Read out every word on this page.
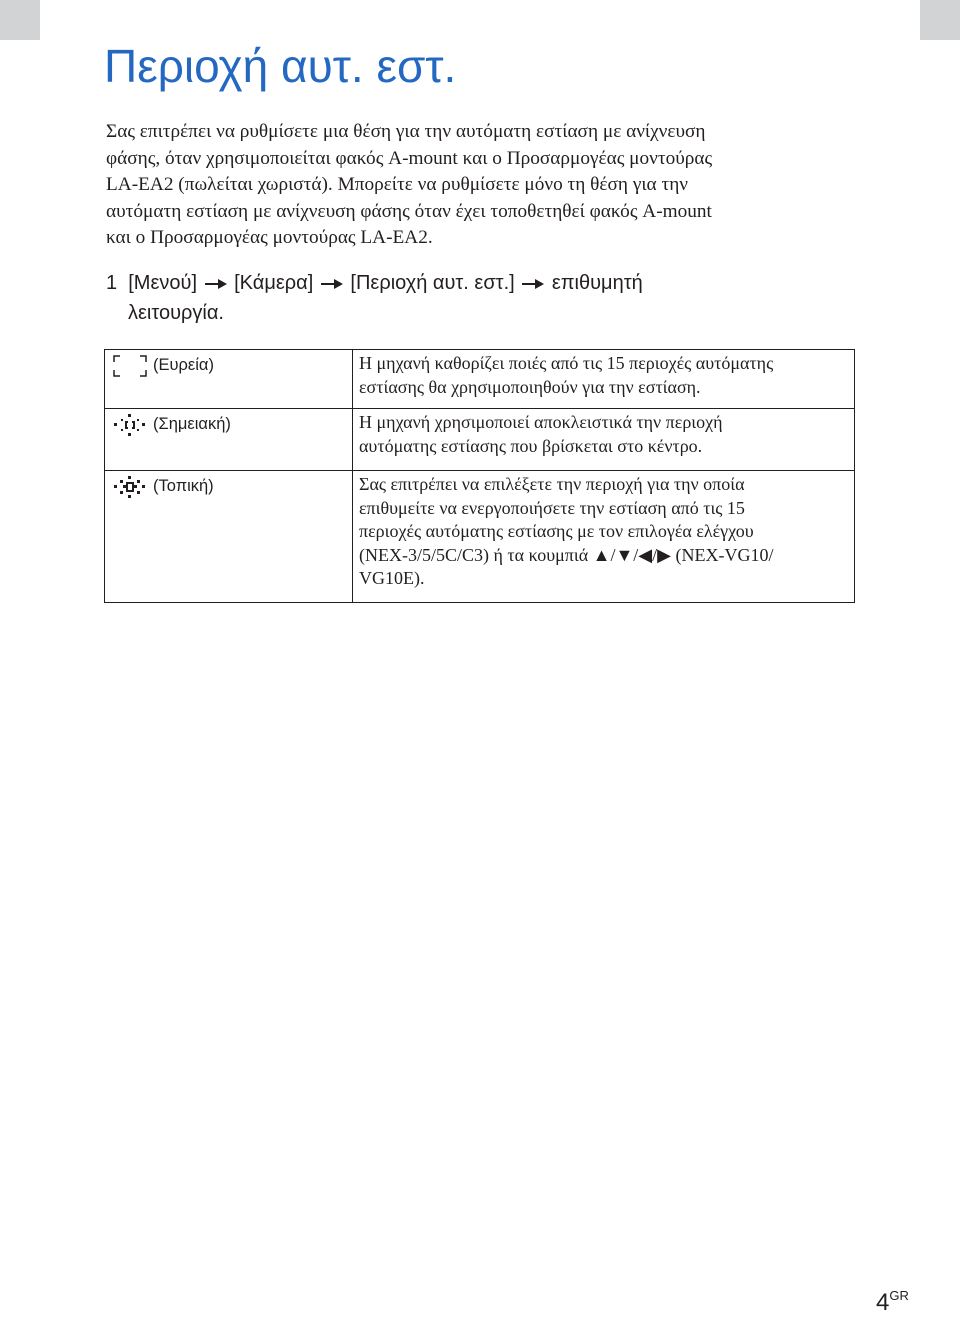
Περιοχή αυτ. εστ.

Σας επιτρέπει να ρυθμίσετε μια θέση για την αυτόματη εστίαση με ανίχνευση
φάσης, όταν χρησιμοποιείται φακός A-mount και ο Προσαρμογέας μοντούρας
LA-EA2 (πωλείται χωριστά). Μπορείτε να ρυθμίσετε μόνο τη θέση για την
αυτόματη εστίαση με ανίχνευση φάσης όταν έχει τοποθετηθεί φακός A-mount
και ο Προσαρμογέας μοντούρας LA-EA2.

1 [Μενού] [Κάμερα] [Περιοχή αυτ. εστ.] επιθυμητή
λειτουργία.
(Ευρεία)	Η μηχανή καθορίζει ποιές από τις 15 περιοχές αυτόματης
εστίασης θα χρησιμοποιηθούν για την εστίαση.

(Σημειακή)	Η μηχανή χρησιμοποιεί αποκλειστικά την περιοχή
αυτόματης εστίασης που βρίσκεται στο κέντρο.

(Τοπική)	Σας επιτρέπει να επιλέξετε την περιοχή για την οποία
επιθυμείτε να ενεργοποιήσετε την εστίαση από τις 15
περιοχές αυτόματης εστίασης με τον επιλογέα ελέγχου
(NEX-3/5/5C/C3) ή τα κουμπιά ▲/▼/◀/▶ (NEX-VG10/
VG10E).
$4^{GR}$
